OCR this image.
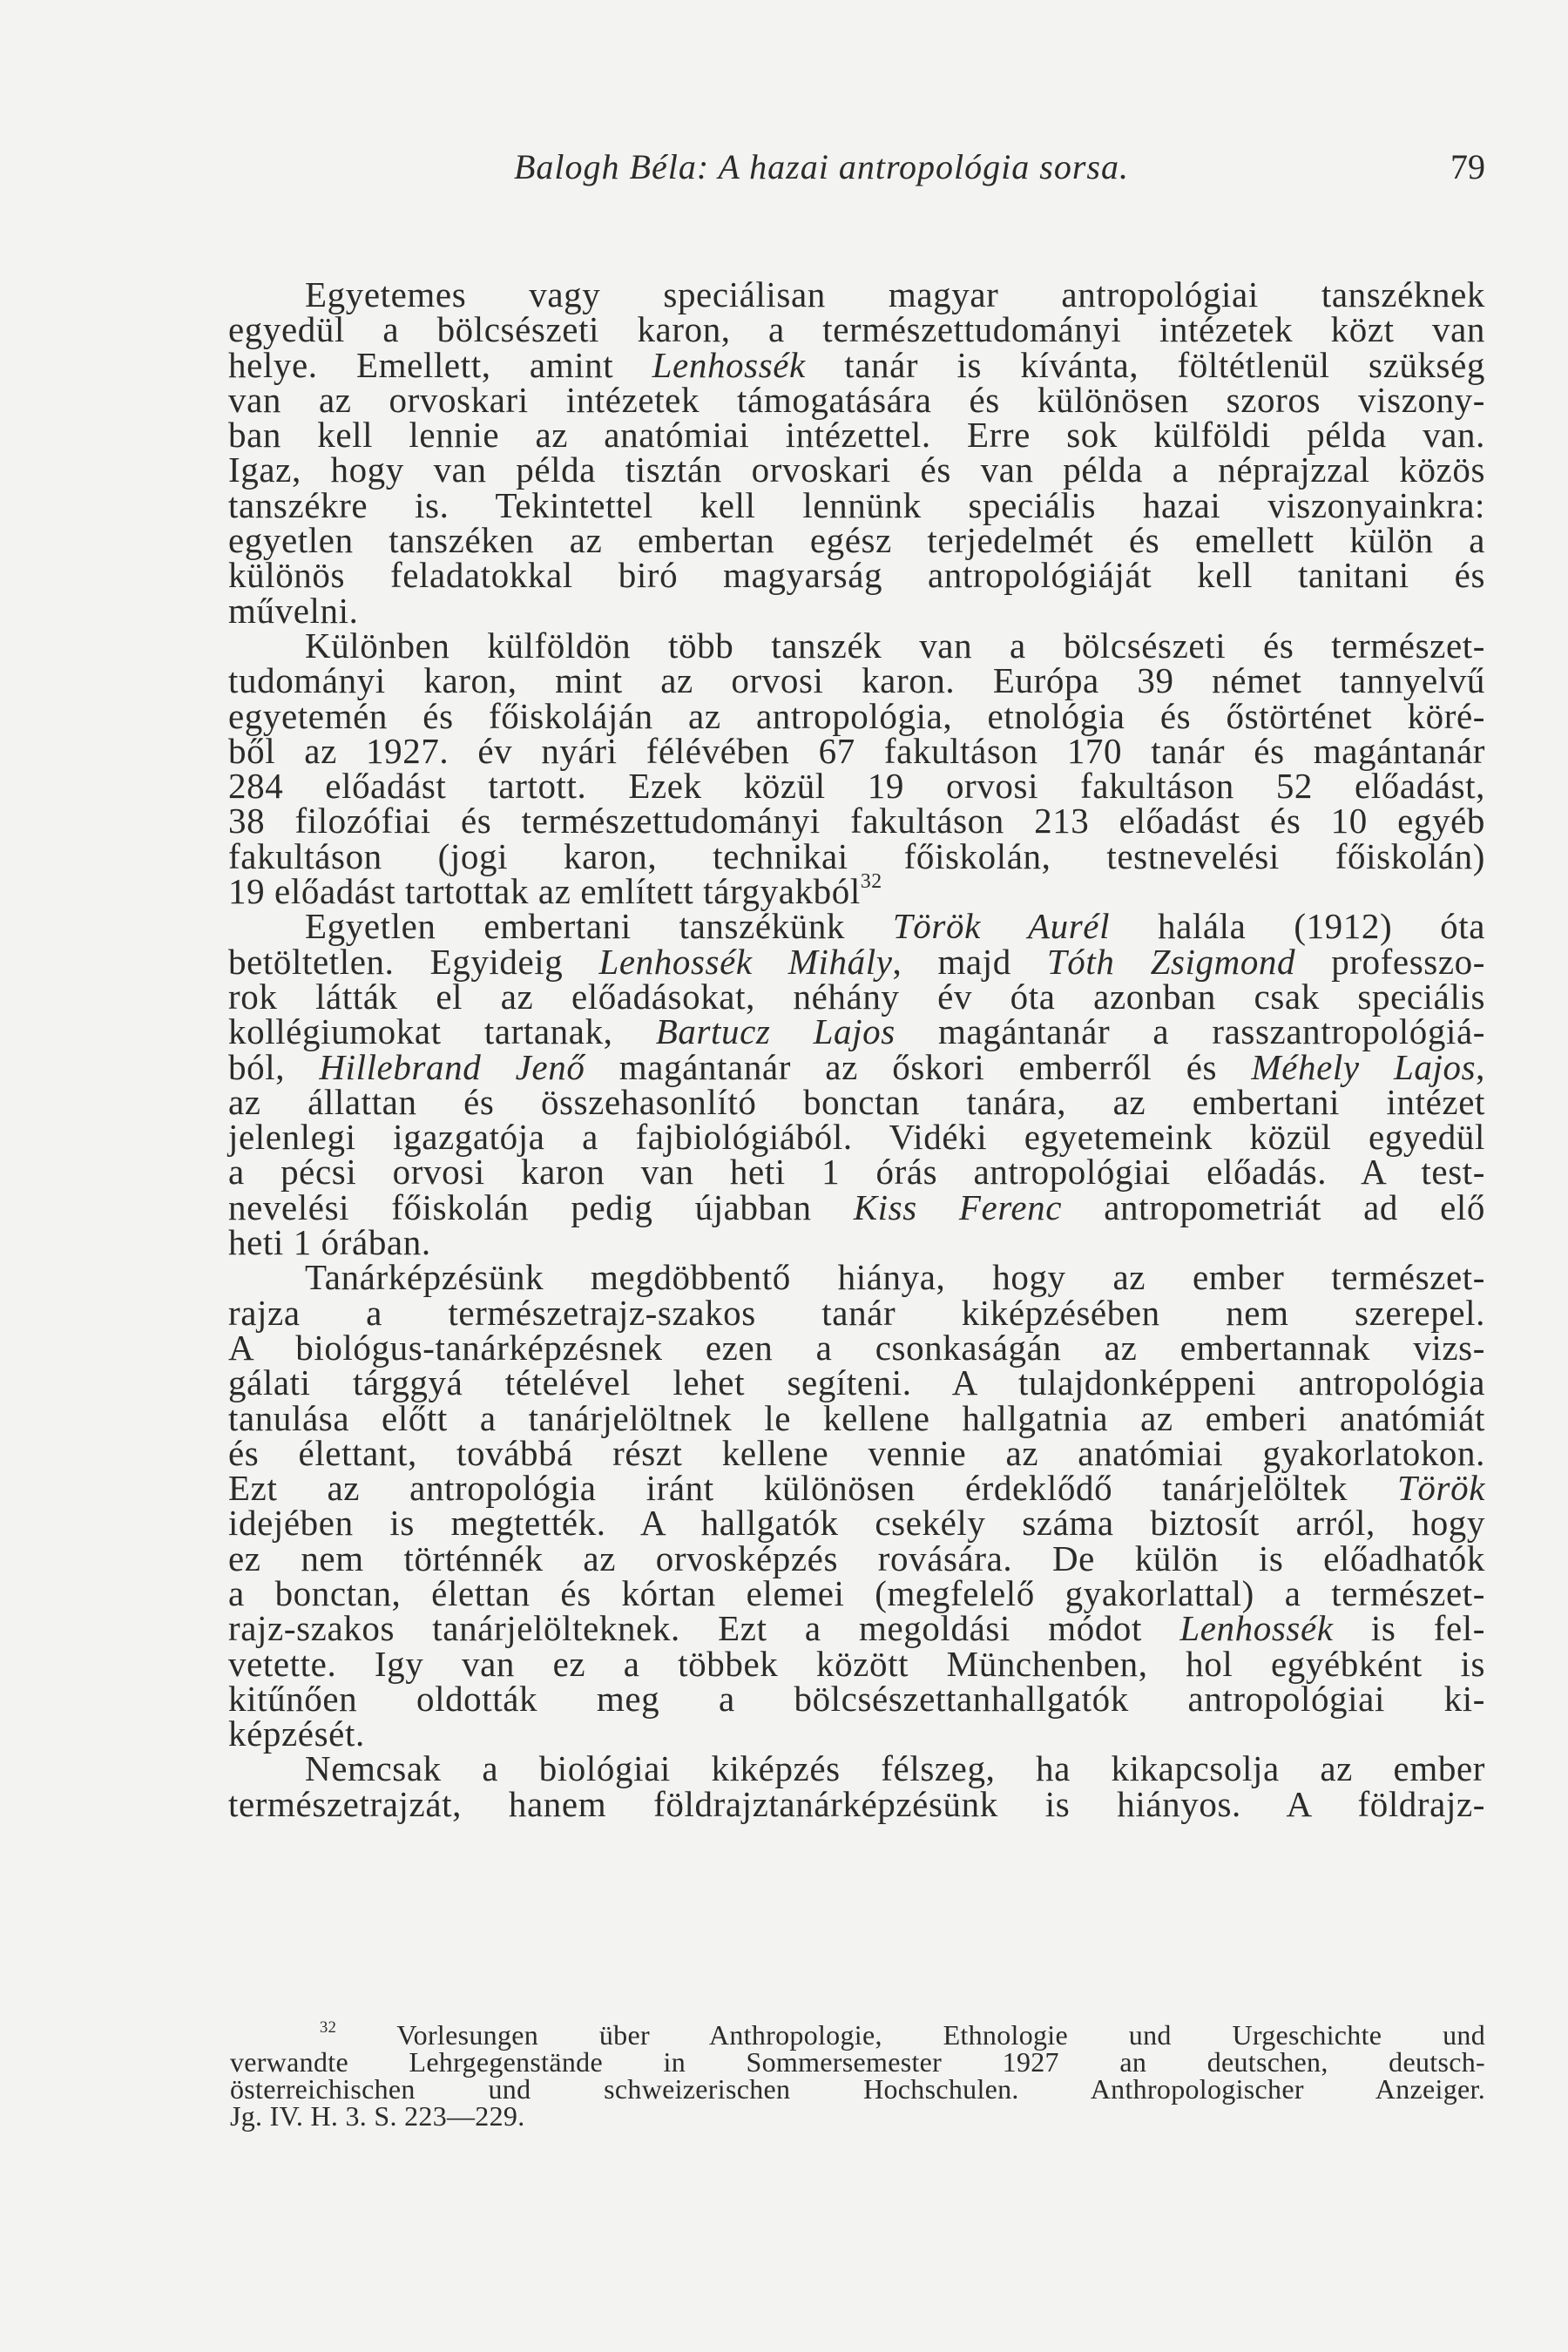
Balogh Béla: A hazai antropológia sorsa.	79
Egyetemes vagy speciálisan magyar antropológiai tanszéknek
egyedül a bölcsészeti karon, a természettudományi intézetek közt van
helye. Emellett, amint Lenhossék tanár is kívánta, föltétlenül szükség
van az orvoskari intézetek támogatására és különösen szoros viszony-
ban kell lennie az anatómiai intézettel. Erre sok külföldi példa van.
Igaz, hogy van példa tisztán orvoskari és van példa a néprajzzal közös
tanszékre is. Tekintettel kell lennünk speciális hazai viszonyainkra:
egyetlen tanszéken az embertan egész terjedelmét és emellett külön a
különös feladatokkal biró magyarság antropológiáját kell tanitani és
művelni.
Különben külföldön több tanszék van a bölcsészeti és természet-
tudományi karon, mint az orvosi karon. Európa 39 német tannyelvű
egyetemén és főiskoláján az antropológia, etnológia és őstörténet köré-
ből az 1927. év nyári félévében 67 fakultáson 170 tanár és magántanár
284 előadást tartott. Ezek közül 19 orvosi fakultáson 52 előadást,
38 filozófiai és természettudományi fakultáson 213 előadást és 10 egyéb
fakultáson (jogi karon, technikai főiskolán, testnevelési főiskolán)
19 előadást tartottak az említett tárgyakból$^{32}$
Egyetlen embertani tanszékünk Török Aurél halála (1912) óta
betöltetlen. Egyideig Lenhossék Mihály, majd Tóth Zsigmond professzo-
rok látták el az előadásokat, néhány év óta azonban csak speciális
kollégiumokat tartanak, Bartucz Lajos magántanár a rasszantropológiá-
ból, Hillebrand Jenő magántanár az őskori emberről és Méhely Lajos,
az állattan és összehasonlító bonctan tanára, az embertani intézet
jelenlegi igazgatója a fajbiológiából. Vidéki egyetemeink közül egyedül
a pécsi orvosi karon van heti 1 órás antropológiai előadás. A test-
nevelési főiskolán pedig újabban Kiss Ferenc antropometriát ad elő
heti 1 órában.
Tanárképzésünk megdöbbentő hiánya, hogy az ember természet-
rajza a természetrajz-szakos tanár kiképzésében nem szerepel.
A biológus-tanárképzésnek ezen a csonkaságán az embertannak vizs-
gálati tárggyá tételével lehet segíteni. A tulajdonképpeni antropológia
tanulása előtt a tanárjelöltnek le kellene hallgatnia az emberi anatómiát
és élettant, továbbá részt kellene vennie az anatómiai gyakorlatokon.
Ezt az antropológia iránt különösen érdeklődő tanárjelöltek Török
idejében is megtették. A hallgatók csekély száma biztosít arról, hogy
ez nem történnék az orvosképzés rovására. De külön is előadhatók
a bonctan, élettan és kórtan elemei (megfelelő gyakorlattal) a természet-
rajz-szakos tanárjelölteknek. Ezt a megoldási módot Lenhossék is fel-
vetette. Igy van ez a többek között Münchenben, hol egyébként is
kitűnően oldották meg a bölcsészettanhallgatók antropológiai ki-
képzését.
Nemcsak a biológiai kiképzés félszeg, ha kikapcsolja az ember
természetrajzát, hanem földrajztanárképzésünk is hiányos. A földrajz-
$^{32}$ Vorlesungen über Anthropologie, Ethnologie und Urgeschichte und
verwandte Lehrgegenstände in Sommersemester 1927 an deutschen, deutsch-
österreichischen und schweizerischen Hochschulen. Anthropologischer Anzeiger.
Jg. IV. H. 3. S. 223—229.
